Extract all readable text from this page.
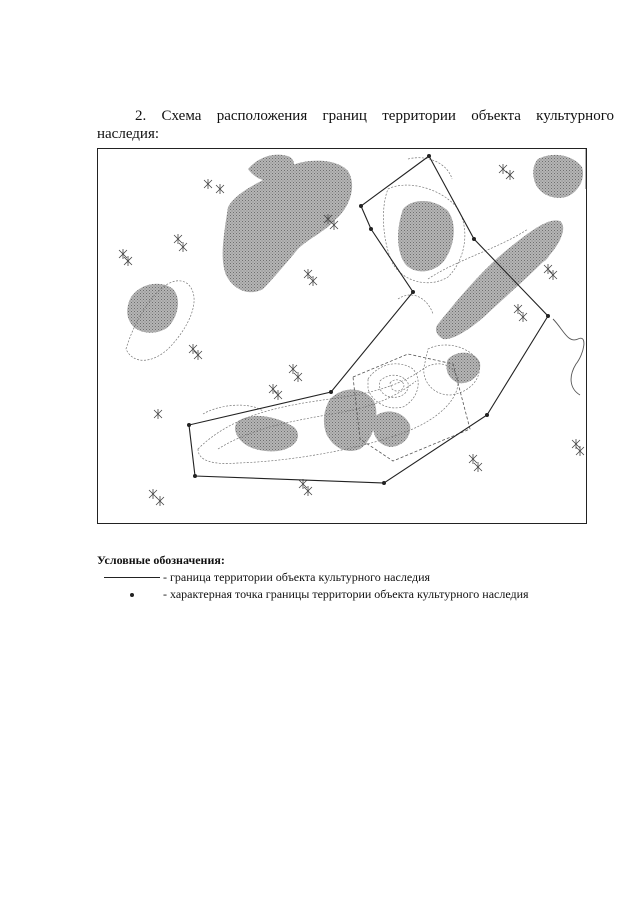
2. Схема расположения границ территории объекта культурного
наследия:
Условные обозначения:
- граница территории объекта культурного наследия
- характерная точка границы территории объекта культурного наследия
